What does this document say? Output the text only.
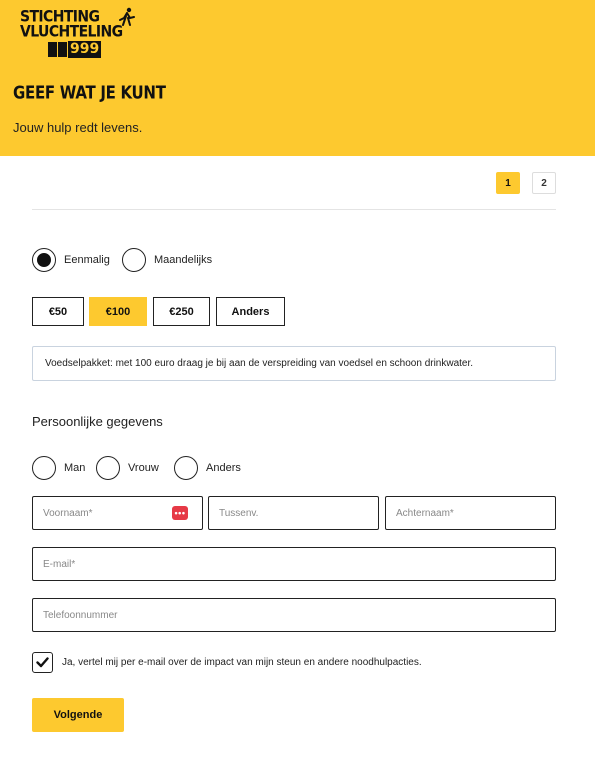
STICHTING
VLUCHTELING
999
GEEF WAT JE KUNT
Jouw hulp redt levens.
1	2
Eenmalig	Maandelijks
€50	€100	€250	Anders
Voedselpakket: met 100 euro draag je bij aan de verspreiding van voedsel en schoon drinkwater.
Persoonlijke gegevens
Man	Vrouw	Anders
Voornaam*
•••
Tussenv.
Achternaam*
E-mail*
Telefoonnummer
Ja, vertel mij per e-mail over de impact van mijn steun en andere noodhulpacties.
Volgende
